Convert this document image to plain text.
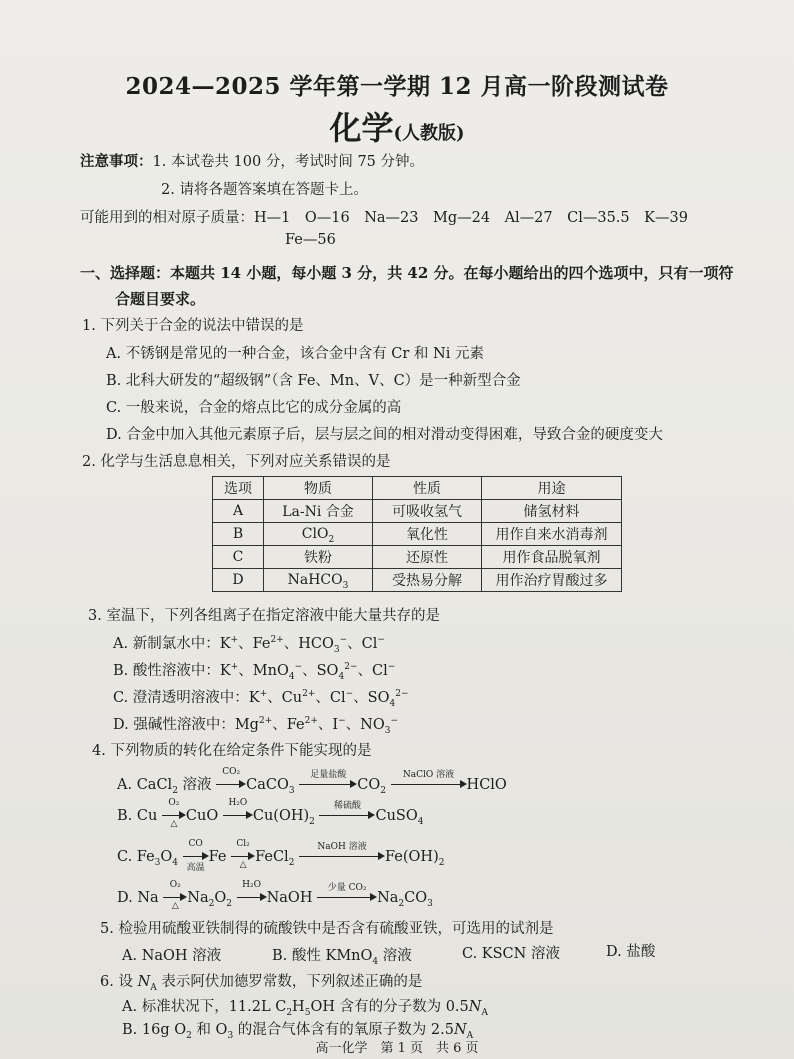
2024—2025 学年第一学期 12 月高一阶段测试卷
化学(人教版)
注意事项：1. 本试卷共 100 分，考试时间 75 分钟。
2. 请将各题答案填在答题卡上。
可能用到的相对原子质量：H—1　O—16　Na—23　Mg—24　Al—27　Cl—35.5　K—39
Fe—56
一、选择题：本题共 14 小题，每小题 3 分，共 42 分。在每小题给出的四个选项中，只有一项符
合题目要求。
1. 下列关于合金的说法中错误的是
A. 不锈钢是常见的一种合金，该合金中含有 Cr 和 Ni 元素
B. 北科大研发的“超级钢”（含 Fe、Mn、V、C）是一种新型合金
C. 一般来说，合金的熔点比它的成分金属的高
D. 合金中加入其他元素原子后，层与层之间的相对滑动变得困难，导致合金的硬度变大
2. 化学与生活息息相关，下列对应关系错误的是
选项	物质	性质	用途
A	La-Ni 合金	可吸收氢气	储氢材料
B	ClO$_2$	氧化性	用作自来水消毒剂
C	铁粉	还原性	用作食品脱氧剂
D	NaHCO$_3$	受热易分解	用作治疗胃酸过多
3. 室温下，下列各组离子在指定溶液中能大量共存的是
A. 新制氯水中：K+、$Fe^{2+}$、$HCO_3^-$、Cl−
B. 酸性溶液中：K+、MnO$_4$−、$SO_4^{2-}$、Cl−
C. 澄清透明溶液中：K+、$Cu^{2+}$、Cl−、$SO_4^{2-}$
D. 强碱性溶液中：$Mg^{2+}$、$Fe^{2+}$、I−、$NO_3^-$
4. 下列物质的转化在给定条件下能实现的是
A. CaCl$_2$ 溶液
CO₂
CaCO$_3$
足量盐酸
$CO_2$
NaClO 溶液
HClO
B. Cu
O₂
△ CuO
H₂O
$Cu(OH)_2$
稀硫酸
CuSO$_4$
C. $Fe_3O_4$
CO
高温
Fe
Cl₂
△ FeCl$_2$
NaOH 溶液
$Fe(OH)_2$
D. Na
O₂
△ $Na_2O_2$
H₂O
NaOH
少量 CO₂
$Na_2CO_3$
5. 检验用硫酸亚铁制得的硫酸铁中是否含有硫酸亚铁，可选用的试剂是
A. NaOH 溶液	B. 酸性 KMnO$_4$ 溶液	C. KSCN 溶液	D. 盐酸
6. 设 $N_A$ 表示阿伏加德罗常数，下列叙述正确的是
A. 标准状况下，11.2L $C_2H_5OH$ 含有的分子数为 $0.5N_A$
B. 16g $O_2$ 和 $O_3$ 的混合气体含有的氧原子数为 $2.5N_A$
高一化学　第 1 页　共 6 页
